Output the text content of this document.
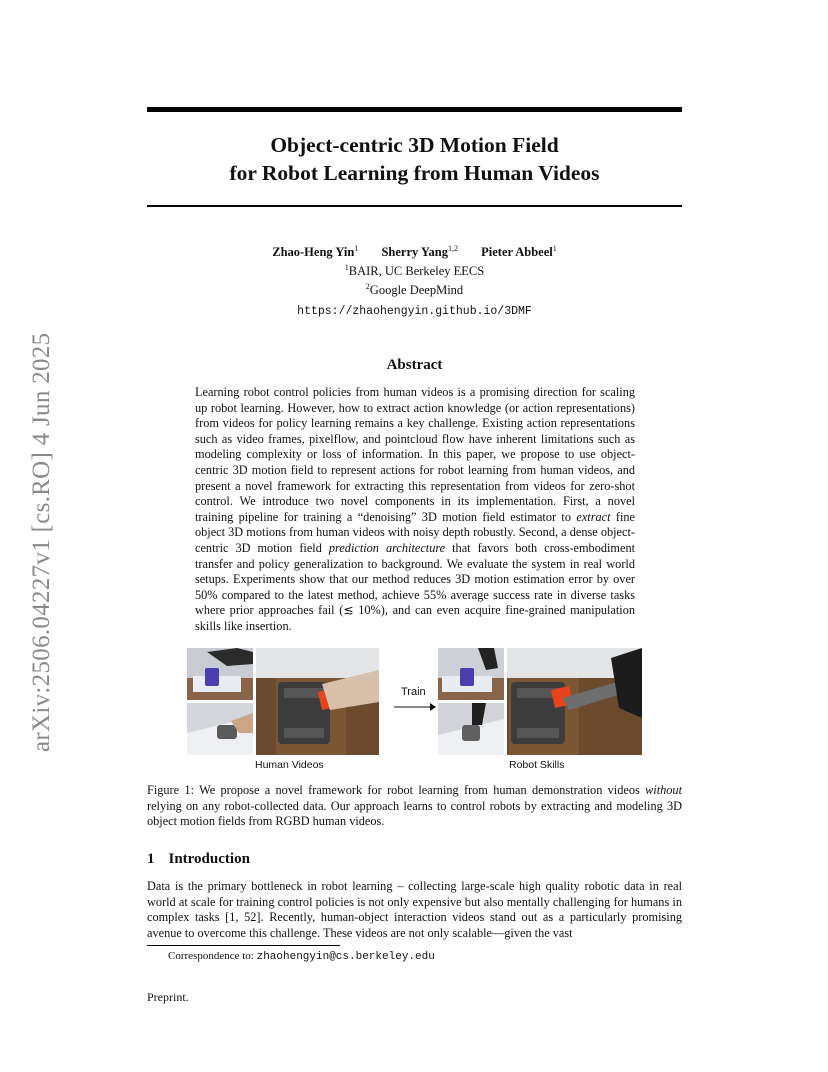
arXiv:2506.04227v1 [cs.RO] 4 Jun 2025
Object-centric 3D Motion Field
for Robot Learning from Human Videos
Zhao-Heng Yin$^1$ Sherry Yang$^{1,2}$ Pieter Abbeel$^1$
$^1$BAIR, UC Berkeley EECS
$^2$Google DeepMind
https://zhaohengyin.github.io/3DMF
Abstract
Learning robot control policies from human videos is a promising direction for scaling up robot learning. However, how to extract action knowledge (or action representations) from videos for policy learning remains a key challenge. Existing action representations such as video frames, pixelflow, and pointcloud flow have inherent limitations such as modeling complexity or loss of information. In this paper, we propose to use object-centric 3D motion field to represent actions for robot learning from human videos, and present a novel framework for extracting this representation from videos for zero-shot control. We introduce two novel components in its implementation. First, a novel training pipeline for training a “denoising” 3D motion field estimator to extract fine object 3D motions from human videos with noisy depth robustly. Second, a dense object-centric 3D motion field prediction architecture that favors both cross-embodiment transfer and policy generalization to background. We evaluate the system in real world setups. Experiments show that our method reduces 3D motion estimation error by over 50% compared to the latest method, achieve 55% average success rate in diverse tasks where prior approaches fail (≲ 10%), and can even acquire fine-grained manipulation skills like insertion.
Human Videos
Train
Robot Skills
Figure 1: We propose a novel framework for robot learning from human demonstration videos without relying on any robot-collected data. Our approach learns to control robots by extracting and modeling 3D object motion fields from RGBD human videos.
1 Introduction
Data is the primary bottleneck in robot learning – collecting large-scale high quality robotic data in real world at scale for training control policies is not only expensive but also mentally challenging for humans in complex tasks [1, 52]. Recently, human-object interaction videos stand out as a particularly promising avenue to overcome this challenge. These videos are not only scalable—given the vast
Correspondence to: zhaohengyin@cs.berkeley.edu
Preprint.
